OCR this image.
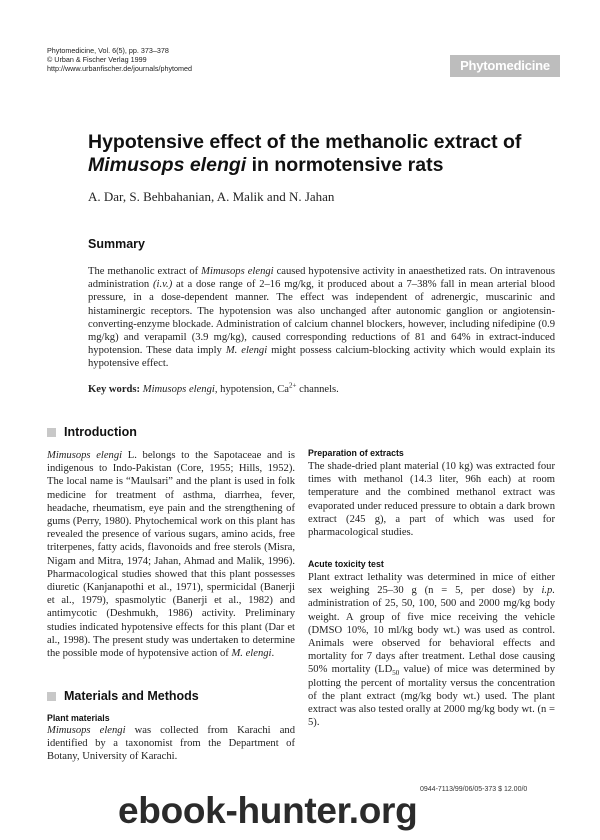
Phytomedicine, Vol. 6(5), pp. 373–378
© Urban & Fischer Verlag 1999
http://www.urbanfischer.de/journals/phytomed	Phytomedicine
Hypotensive effect of the methanolic extract of
Mimusops elengi in normotensive rats
A. Dar, S. Behbahanian, A. Malik and N. Jahan
Summary
The methanolic extract of Mimusops elengi caused hypotensive activity in anaesthetized rats. On intravenous administration (i.v.) at a dose range of 2–16 mg/kg, it produced about a 7–38% fall in mean arterial blood pressure, in a dose-dependent manner. The effect was independent of adrenergic, muscarinic and histaminergic receptors. The hypotension was also unchanged after autonomic ganglion or angiotensin-converting-enzyme blockade. Administration of calcium channel blockers, however, including nifedipine (0.9 mg/kg) and verapamil (3.9 mg/kg), caused corresponding reductions of 81 and 64% in extract-induced hypotension. These data imply M. elengi might possess calcium-blocking activity which would explain its hypotensive effect.
Key words: Mimusops elengi, hypotension, $Ca^{2+}$ channels.
Introduction
Mimusops elengi L. belongs to the Sapotaceae and is indigenous to Indo-Pakistan (Core, 1955; Hills, 1952). The local name is “Maulsari” and the plant is used in folk medicine for treatment of asthma, diarrhea, fever, headache, rheumatism, eye pain and the strengthening of gums (Perry, 1980). Phytochemical work on this plant has revealed the presence of various sugars, amino acids, free triterpenes, fatty acids, flavonoids and free sterols (Misra, Nigam and Mitra, 1974; Jahan, Ahmad and Malik, 1996). Pharmacological studies showed that this plant possesses diuretic (Kanjanapothi et al., 1971), spermicidal (Banerji et al., 1979), spasmolytic (Banerji et al., 1982) and antimycotic (Deshmukh, 1986) activity. Preliminary studies indicated hypotensive effects for this plant (Dar et al., 1998). The present study was undertaken to determine the possible mode of hypotensive action of M. elengi.
Materials and Methods
Plant materials
Mimusops elengi was collected from Karachi and identified by a taxonomist from the Department of Botany, University of Karachi.
Preparation of extracts
The shade-dried plant material (10 kg) was extracted four times with methanol (14.3 liter, 96h each) at room temperature and the combined methanol extract was evaporated under reduced pressure to obtain a dark brown extract (245 g), a part of which was used for pharmacological studies.
Acute toxicity test
Plant extract lethality was determined in mice of either sex weighing 25–30 g (n = 5, per dose) by i.p. administration of 25, 50, 100, 500 and 2000 mg/kg body weight. A group of five mice receiving the vehicle (DMSO 10%, 10 ml/kg body wt.) was used as control. Animals were observed for behavioral effects and mortality for 7 days after treatment. Lethal dose causing 50% mortality ($LD_{50}$ value) of mice was determined by plotting the percent of mortality versus the concentration of the plant extract (mg/kg body wt.) used. The plant extract was also tested orally at 2000 mg/kg body wt. (n = 5).
0944-7113/99/06/05-373 $ 12.00/0
ebook-hunter.org
